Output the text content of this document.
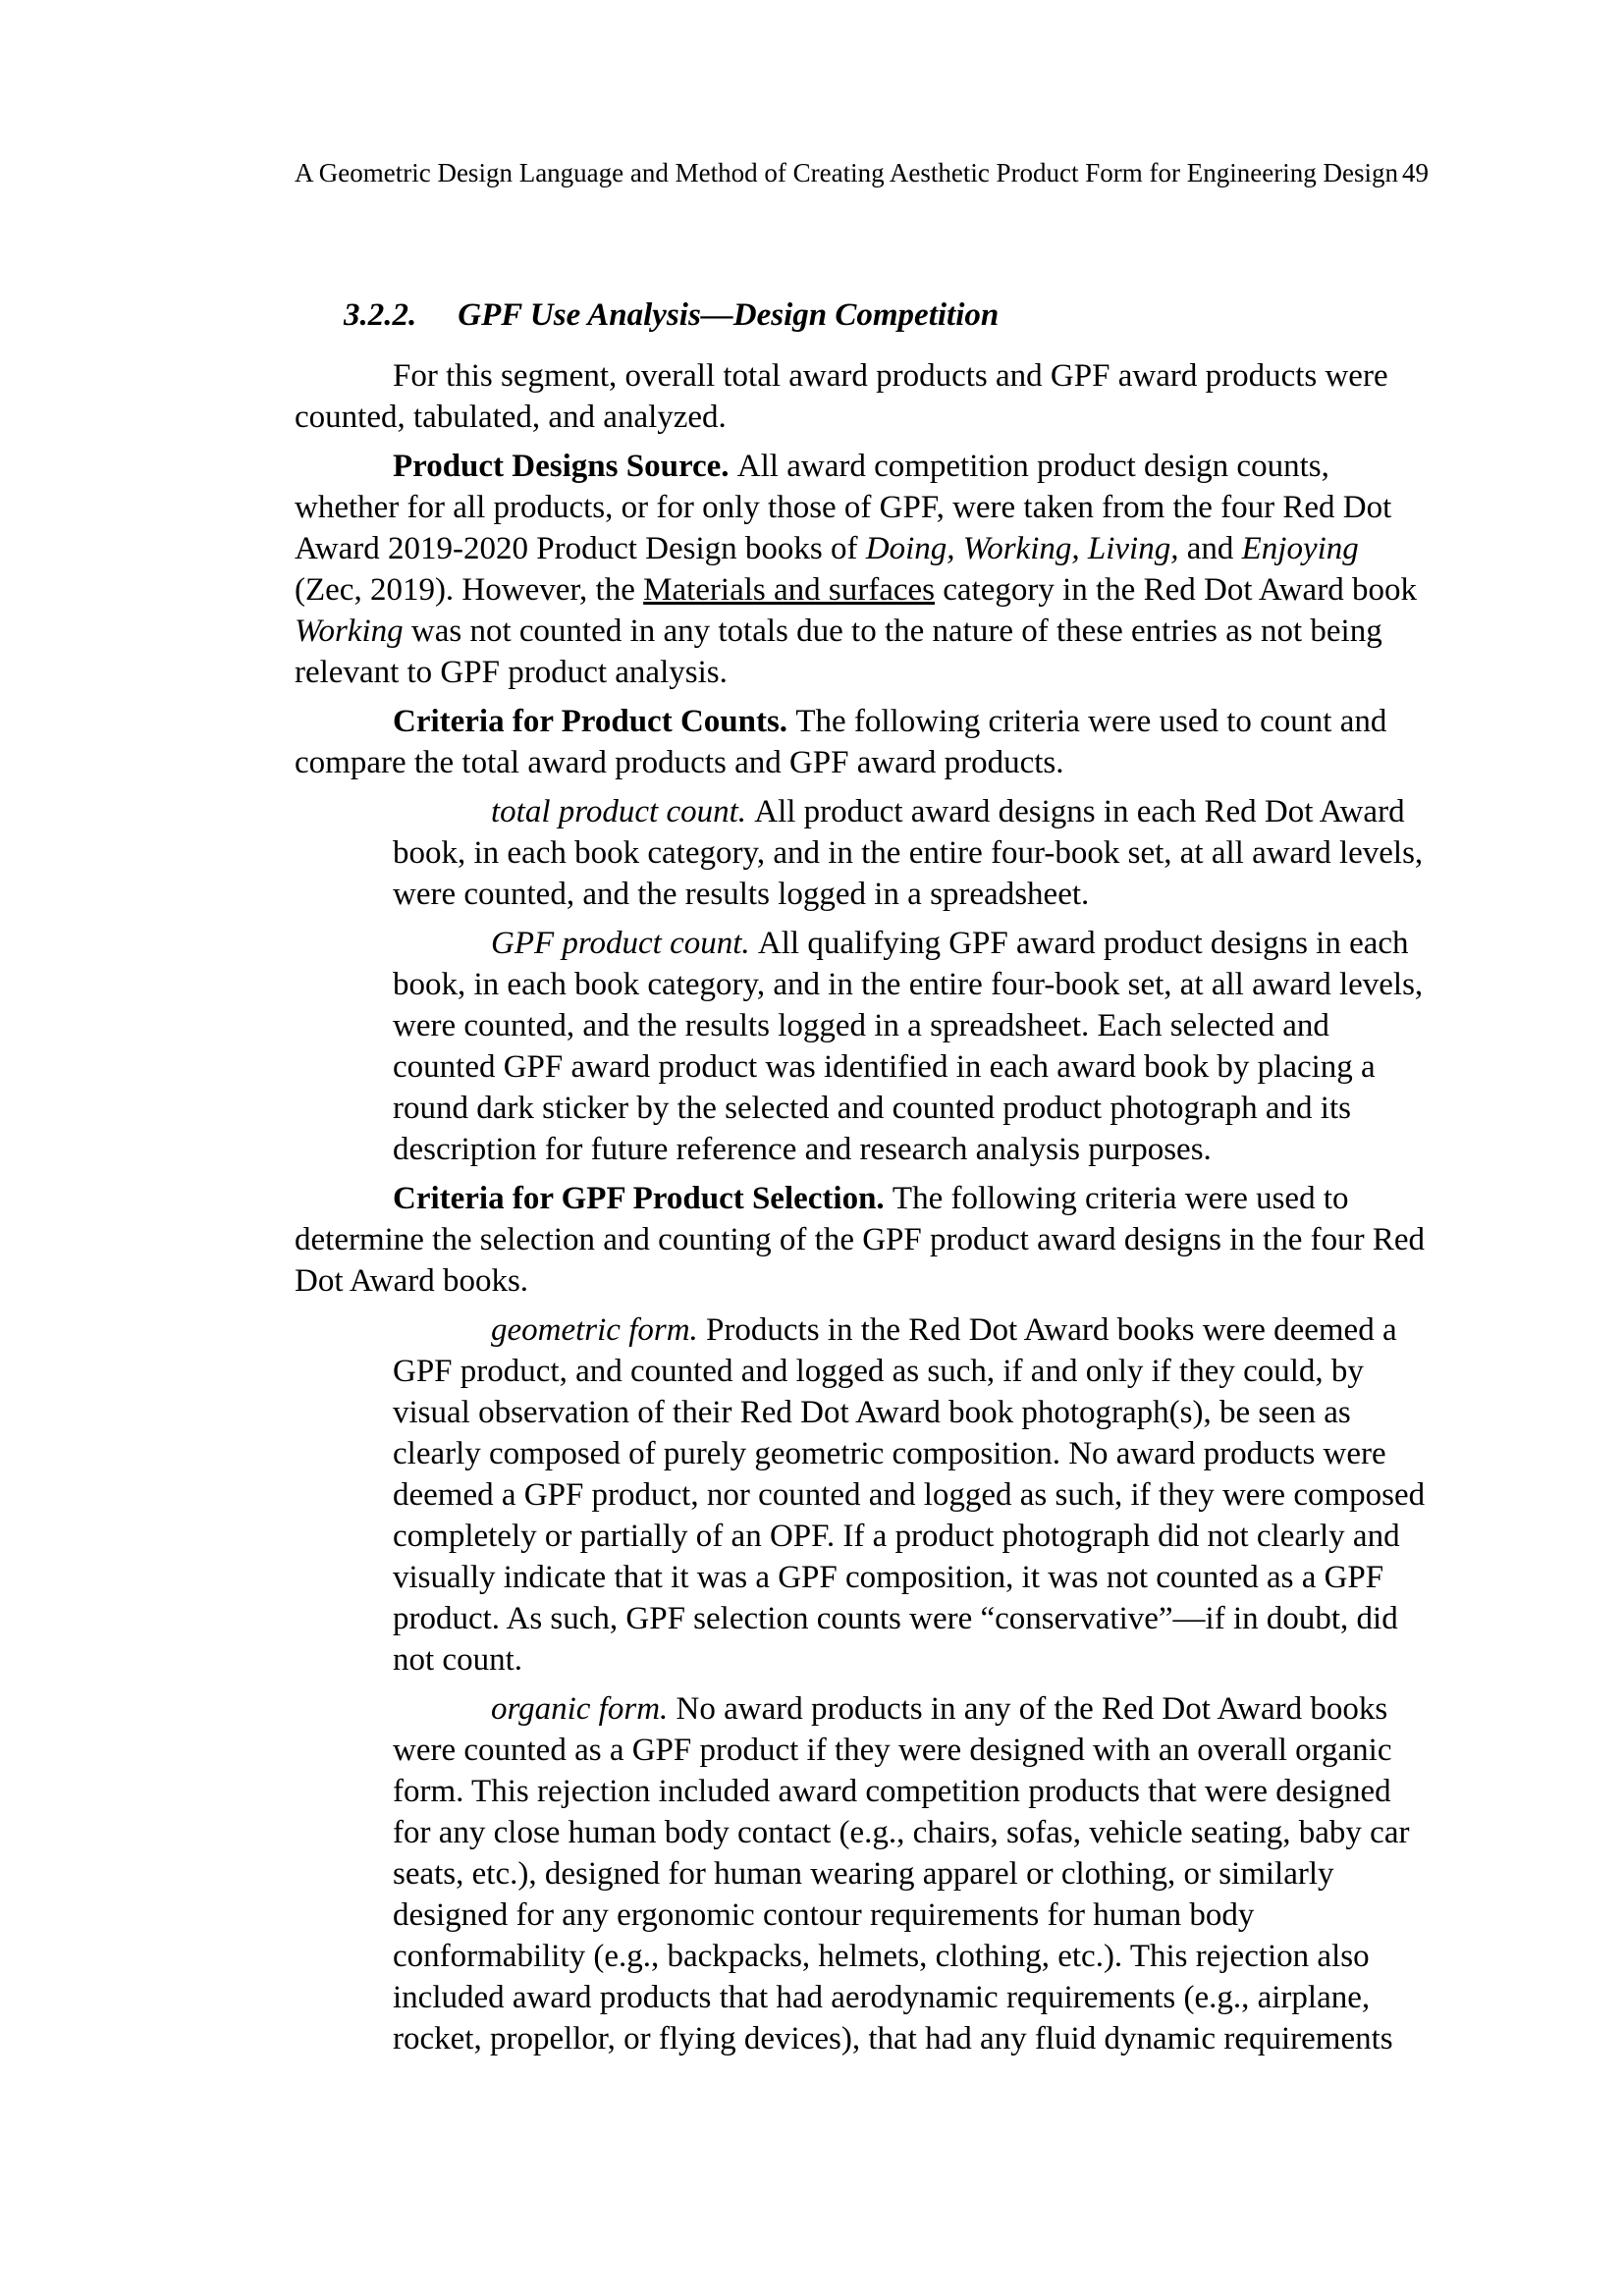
A Geometric Design Language and Method of Creating Aesthetic Product Form for Engineering Design 49
3.2.2. GPF Use Analysis—Design Competition

For this segment, overall total award products and GPF award products were counted, tabulated, and analyzed.

Product Designs Source. All award competition product design counts, whether for all products, or for only those of GPF, were taken from the four Red Dot Award 2019-2020 Product Design books of Doing, Working, Living, and Enjoying (Zec, 2019). However, the Materials and surfaces category in the Red Dot Award book Working was not counted in any totals due to the nature of these entries as not being relevant to GPF product analysis.

Criteria for Product Counts. The following criteria were used to count and compare the total award products and GPF award products.

total product count. All product award designs in each Red Dot Award book, in each book category, and in the entire four-book set, at all award levels, were counted, and the results logged in a spreadsheet.

GPF product count. All qualifying GPF award product designs in each book, in each book category, and in the entire four-book set, at all award levels, were counted, and the results logged in a spreadsheet. Each selected and counted GPF award product was identified in each award book by placing a round dark sticker by the selected and counted product photograph and its description for future reference and research analysis purposes.

Criteria for GPF Product Selection. The following criteria were used to determine the selection and counting of the GPF product award designs in the four Red Dot Award books.

geometric form. Products in the Red Dot Award books were deemed a GPF product, and counted and logged as such, if and only if they could, by visual observation of their Red Dot Award book photograph(s), be seen as clearly composed of purely geometric composition. No award products were deemed a GPF product, nor counted and logged as such, if they were composed completely or partially of an OPF. If a product photograph did not clearly and visually indicate that it was a GPF composition, it was not counted as a GPF product. As such, GPF selection counts were “conservative”—if in doubt, did not count.

organic form. No award products in any of the Red Dot Award books were counted as a GPF product if they were designed with an overall organic form. This rejection included award competition products that were designed for any close human body contact (e.g., chairs, sofas, vehicle seating, baby car seats, etc.), designed for human wearing apparel or clothing, or similarly designed for any ergonomic contour requirements for human body conformability (e.g., backpacks, helmets, clothing, etc.). This rejection also included award products that had aerodynamic requirements (e.g., airplane, rocket, propellor, or flying devices), that had any fluid dynamic requirements
